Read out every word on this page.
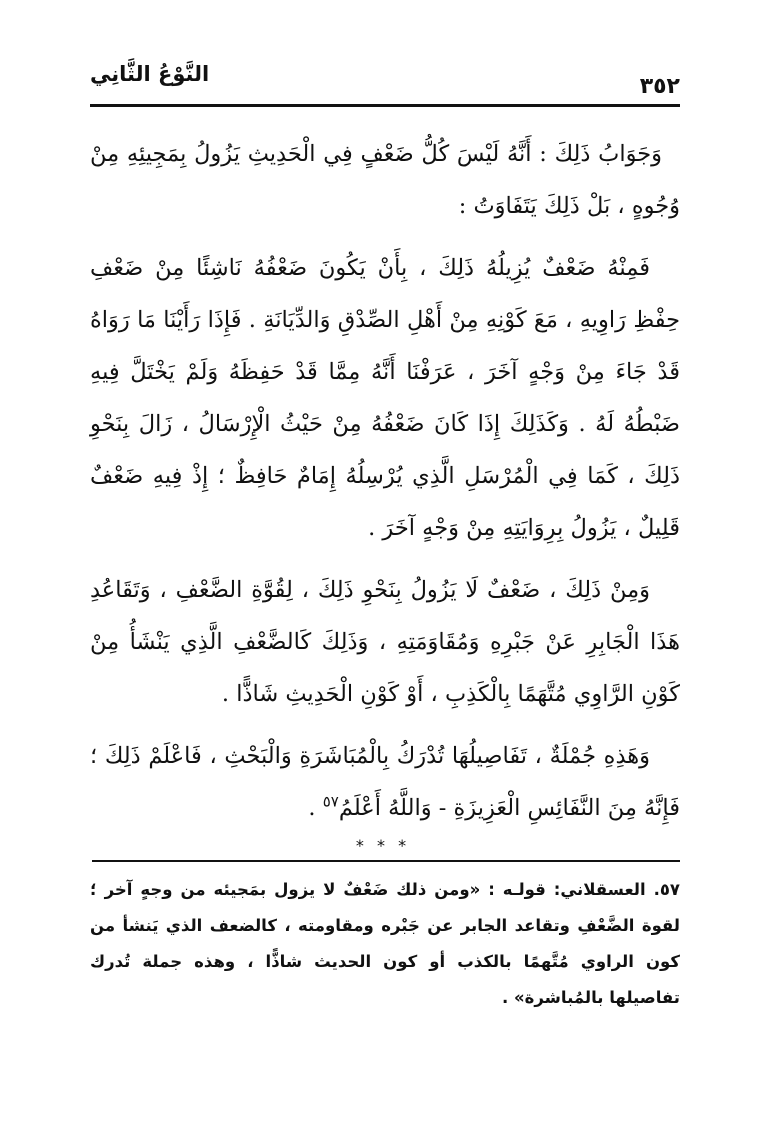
٣٥٢
النَّوْعُ الثَّانِي

وَجَوَابُ ذَلِكَ : أَنَّهُ لَيْسَ كُلُّ ضَعْفٍ فِي الْحَدِيثِ يَزُولُ بِمَجِيئِهِ مِنْ وُجُوهٍ ، بَلْ ذَلِكَ يَتَفَاوَتُ :

فَمِنْهُ ضَعْفٌ يُزِيلُهُ ذَلِكَ ، بِأَنْ يَكُونَ ضَعْفُهُ نَاشِئًا مِنْ ضَعْفِ حِفْظِ رَاوِيهِ ، مَعَ كَوْنِهِ مِنْ أَهْلِ الصِّدْقِ وَالدِّيَانَةِ . فَإِذَا رَأَيْنَا مَا رَوَاهُ قَدْ جَاءَ مِنْ وَجْهٍ آخَرَ ، عَرَفْنَا أَنَّهُ مِمَّا قَدْ حَفِظَهُ وَلَمْ يَخْتَلَّ فِيهِ ضَبْطُهُ لَهُ . وَكَذَلِكَ إِذَا كَانَ ضَعْفُهُ مِنْ حَيْثُ الْإِرْسَالُ ، زَالَ بِنَحْوِ ذَلِكَ ، كَمَا فِي الْمُرْسَلِ الَّذِي يُرْسِلُهُ إِمَامٌ حَافِظٌ ؛ إِذْ فِيهِ ضَعْفٌ قَلِيلٌ ، يَزُولُ بِرِوَايَتِهِ مِنْ وَجْهٍ آخَرَ .

وَمِنْ ذَلِكَ ، ضَعْفٌ لَا يَزُولُ بِنَحْوِ ذَلِكَ ، لِقُوَّةِ الضَّعْفِ ، وَتَقَاعُدِ هَذَا الْجَابِرِ عَنْ جَبْرِهِ وَمُقَاوَمَتِهِ ، وَذَلِكَ كَالضَّعْفِ الَّذِي يَنْشَأُ مِنْ كَوْنِ الرَّاوِي مُتَّهَمًا بِالْكَذِبِ ، أَوْ كَوْنِ الْحَدِيثِ شَاذًّا .

وَهَذِهِ جُمْلَةٌ ، تَفَاصِيلُهَا تُدْرَكُ بِالْمُبَاشَرَةِ وَالْبَحْثِ ، فَاعْلَمْ ذَلِكَ ؛ فَإِنَّهُ مِنَ النَّفَائِسِ الْعَزِيزَةِ - وَاللَّهُ أَعْلَمُ$^{٥٧}$ .

* * *

٥٧. العسقلاني: قولـه : «ومن ذلك ضَعْفٌ لا يزول بمَجيئه من وجهٍ آخر ؛ لقوة الضَّعْفِ وتقاعد الجابر عن جَبْره ومقاومته ، كالضعف الذي يَنشأ من كون الراوي مُتَّهمًا بالكذب أو كون الحديث شاذًّا ، وهذه جملة تُدرك تفاصيلها بالمُباشرة» .
